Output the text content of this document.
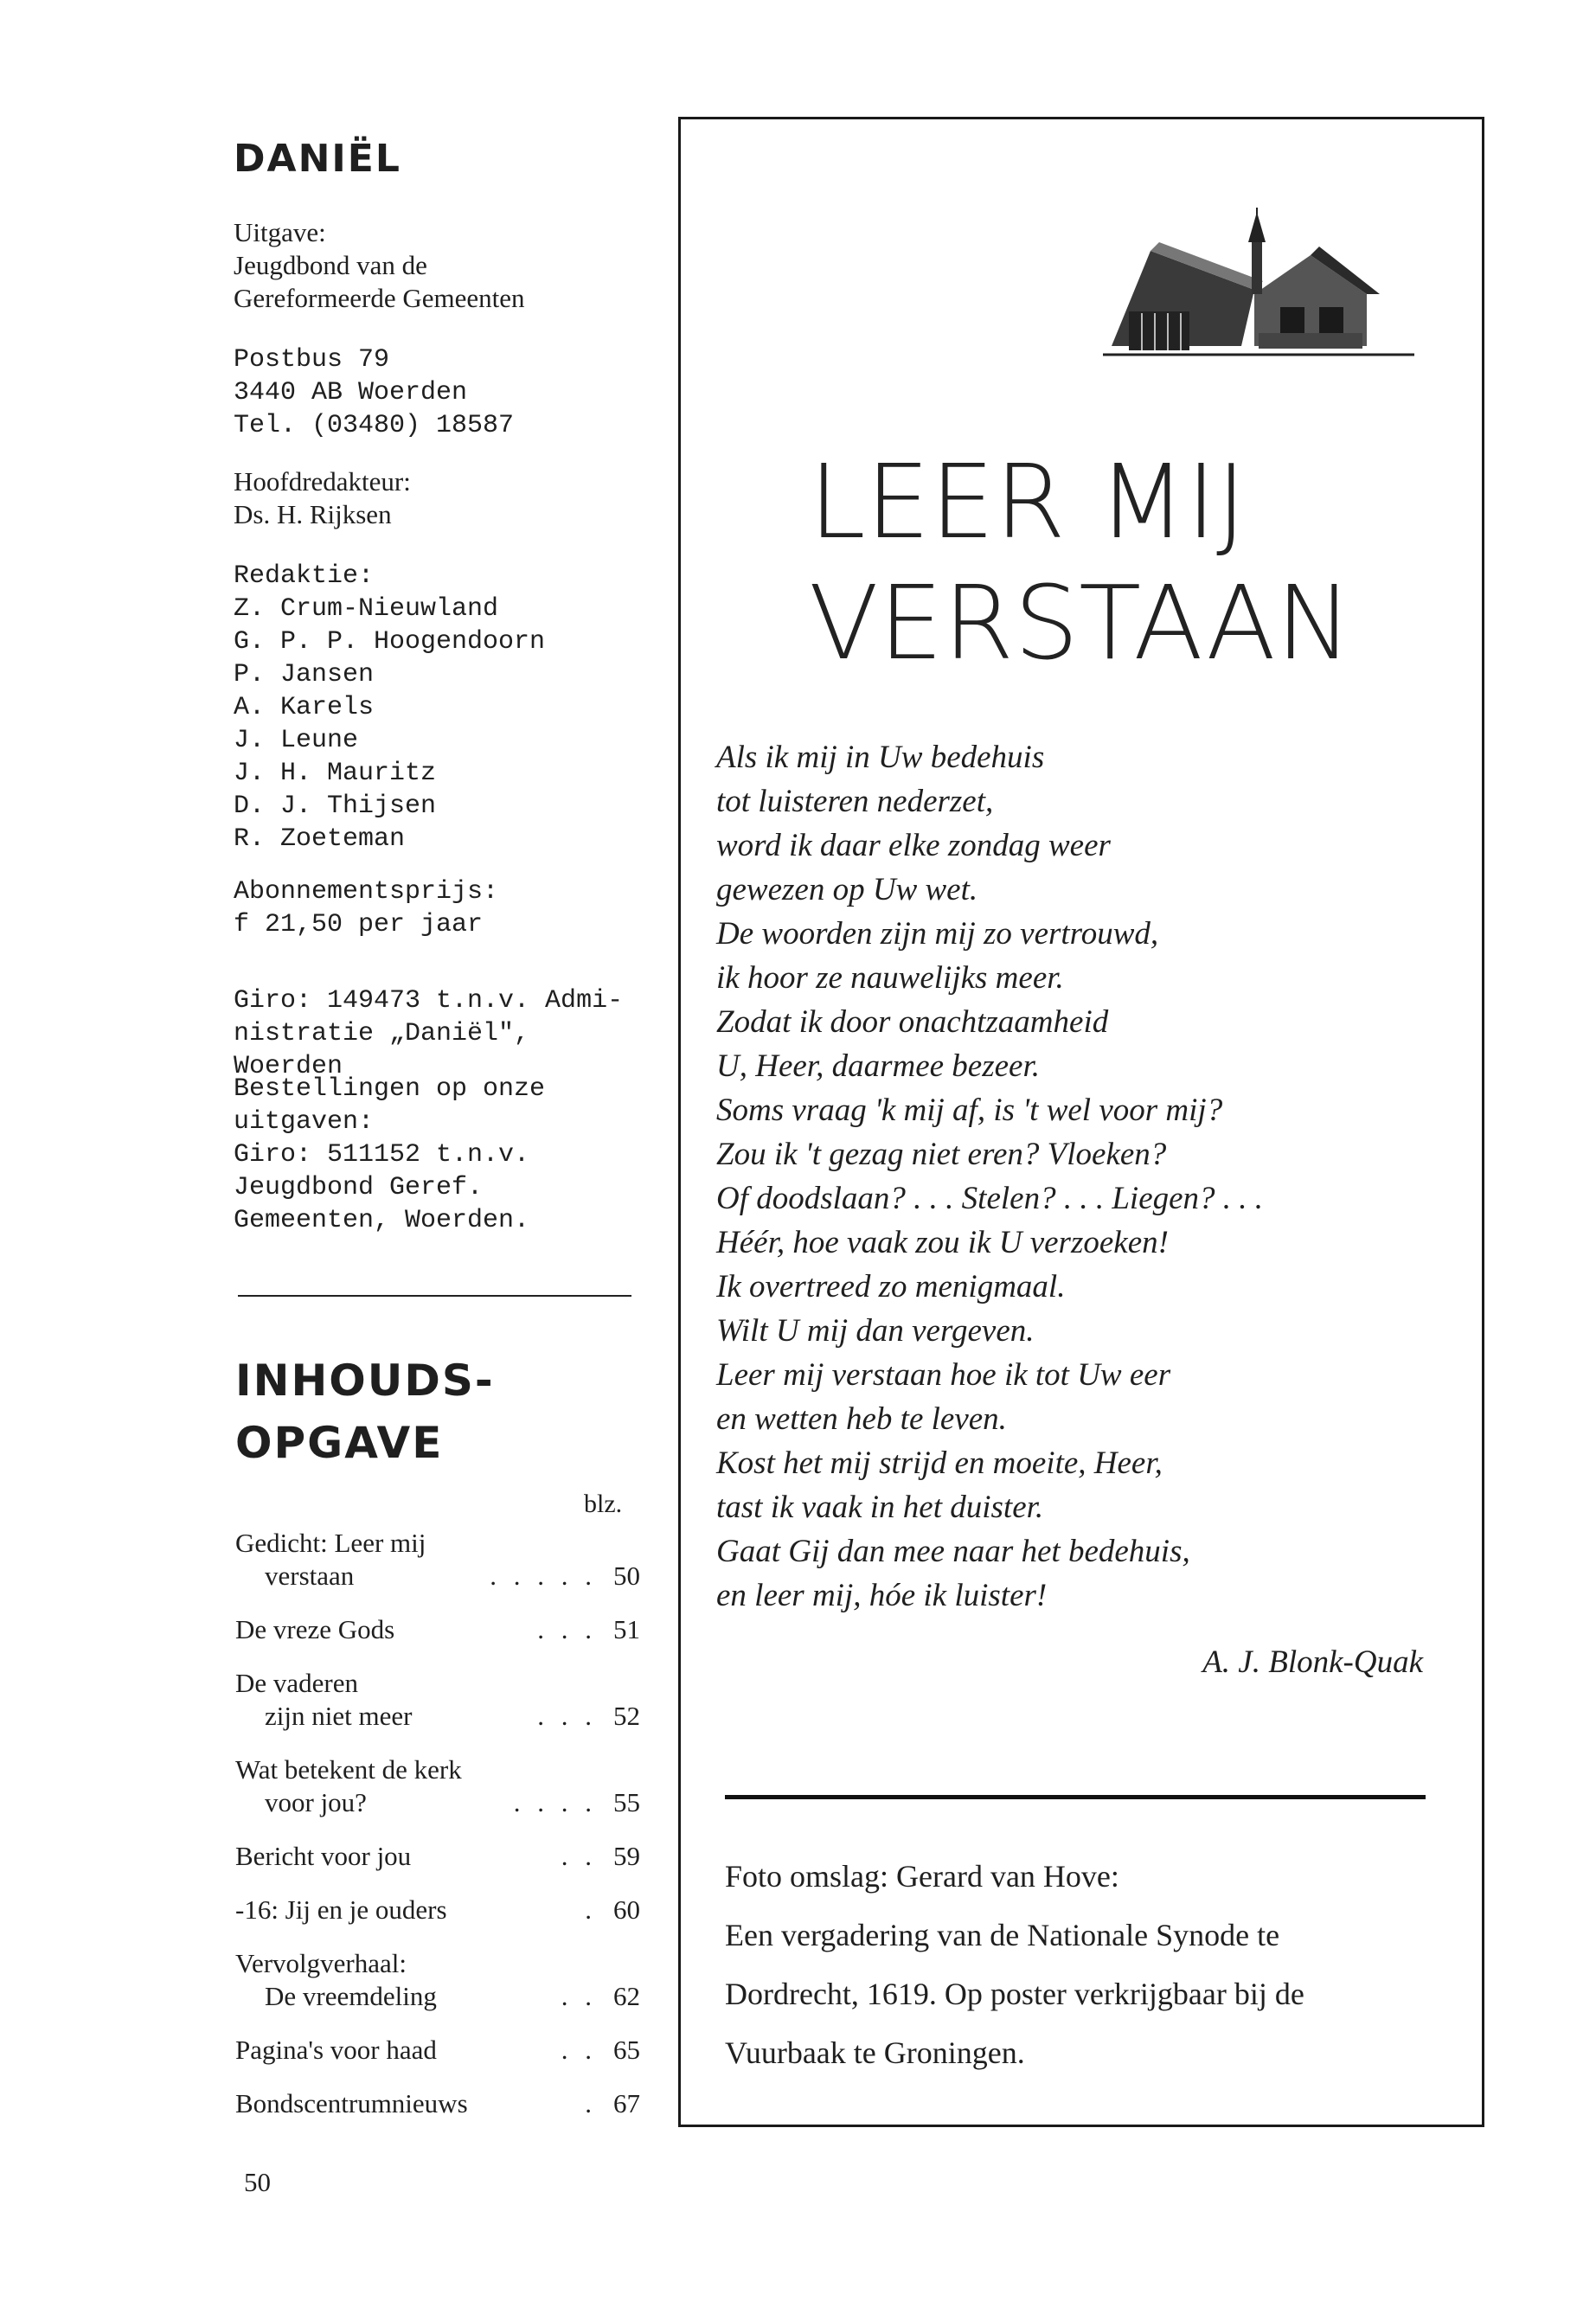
DANIËL

Uitgave:

Jeugdbond van de

Gereformeerde Gemeenten

Postbus 79

3440 AB Woerden

Tel. (03480) 18587

Hoofdredakteur:

Ds. H. Rijksen

Redaktie:

Z. Crum-Nieuwland

G. P. P. Hoogendoorn

P. Jansen

A. Karels

J. Leune

J. H. Mauritz

D. J. Thijsen

R. Zoeteman

Abonnementsprijs:

f 21,50 per jaar

Giro: 149473 t.n.v. Admi-

nistratie „Daniël", Woerden

Bestellingen op onze

uitgaven:

Giro: 511152 t.n.v.

Jeugdbond Geref.

Gemeenten, Woerden.

INHOUDS-
OPGAVE
blz.
Gedicht: Leer mij
verstaan	. . . . . 50
De vreze Gods	. . . 51
De vaderen
zijn niet meer	. . . 52
Wat betekent de kerk
voor jou?	. . . . 55
Bericht voor jou	. . 59
-16: Jij en je ouders	. 60
Vervolgverhaal:
De vreemdeling	. . 62
Pagina's voor haad	. . 65
Bondscentrumnieuws	. 67
50
LEER MIJ
VERSTAAN
Als ik mij in Uw bedehuis
tot luisteren nederzet,
word ik daar elke zondag weer
gewezen op Uw wet.
De woorden zijn mij zo vertrouwd,
ik hoor ze nauwelijks meer.
Zodat ik door onachtzaamheid
U, Heer, daarmee bezeer.
Soms vraag 'k mij af, is 't wel voor mij?
Zou ik 't gezag niet eren? Vloeken?
Of doodslaan? . . . Stelen? . . . Liegen? . . .
Héér, hoe vaak zou ik U verzoeken!
Ik overtreed zo menigmaal.
Wilt U mij dan vergeven.
Leer mij verstaan hoe ik tot Uw eer
en wetten heb te leven.
Kost het mij strijd en moeite, Heer,
tast ik vaak in het duister.
Gaat Gij dan mee naar het bedehuis,
en leer mij, hóe ik luister!
A. J. Blonk-Quak
Foto omslag: Gerard van Hove:
Een vergadering van de Nationale Synode te
Dordrecht, 1619. Op poster verkrijgbaar bij de
Vuurbaak te Groningen.
